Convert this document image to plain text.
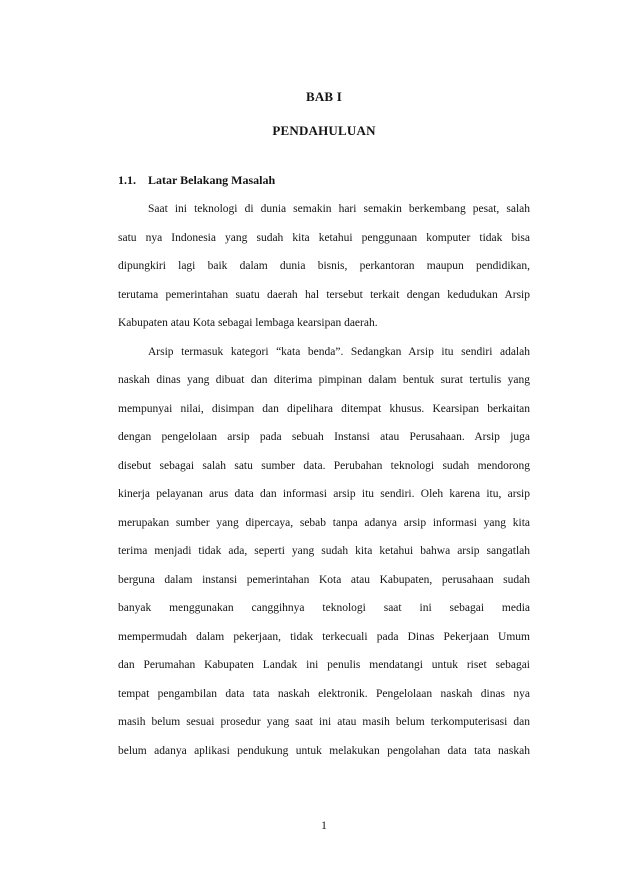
BAB I
PENDAHULUAN
1.1. Latar Belakang Masalah
Saat ini teknologi di dunia semakin hari semakin berkembang pesat, salah
satu nya Indonesia yang sudah kita ketahui penggunaan komputer tidak bisa
dipungkiri lagi baik dalam dunia bisnis, perkantoran maupun pendidikan,
terutama pemerintahan suatu daerah hal tersebut terkait dengan kedudukan Arsip
Kabupaten atau Kota sebagai lembaga kearsipan daerah.
Arsip termasuk kategori “kata benda”. Sedangkan Arsip itu sendiri adalah
naskah dinas yang dibuat dan diterima pimpinan dalam bentuk surat tertulis yang
mempunyai nilai, disimpan dan dipelihara ditempat khusus. Kearsipan berkaitan
dengan pengelolaan arsip pada sebuah Instansi atau Perusahaan. Arsip juga
disebut sebagai salah satu sumber data. Perubahan teknologi sudah mendorong
kinerja pelayanan arus data dan informasi arsip itu sendiri. Oleh karena itu, arsip
merupakan sumber yang dipercaya, sebab tanpa adanya arsip informasi yang kita
terima menjadi tidak ada, seperti yang sudah kita ketahui bahwa arsip sangatlah
berguna dalam instansi pemerintahan Kota atau Kabupaten, perusahaan sudah
banyak menggunakan canggihnya teknologi saat ini sebagai media
mempermudah dalam pekerjaan, tidak terkecuali pada Dinas Pekerjaan Umum
dan Perumahan Kabupaten Landak ini penulis mendatangi untuk riset sebagai
tempat pengambilan data tata naskah elektronik. Pengelolaan naskah dinas nya
masih belum sesuai prosedur yang saat ini atau masih belum terkomputerisasi dan
belum adanya aplikasi pendukung untuk melakukan pengolahan data tata naskah
1
